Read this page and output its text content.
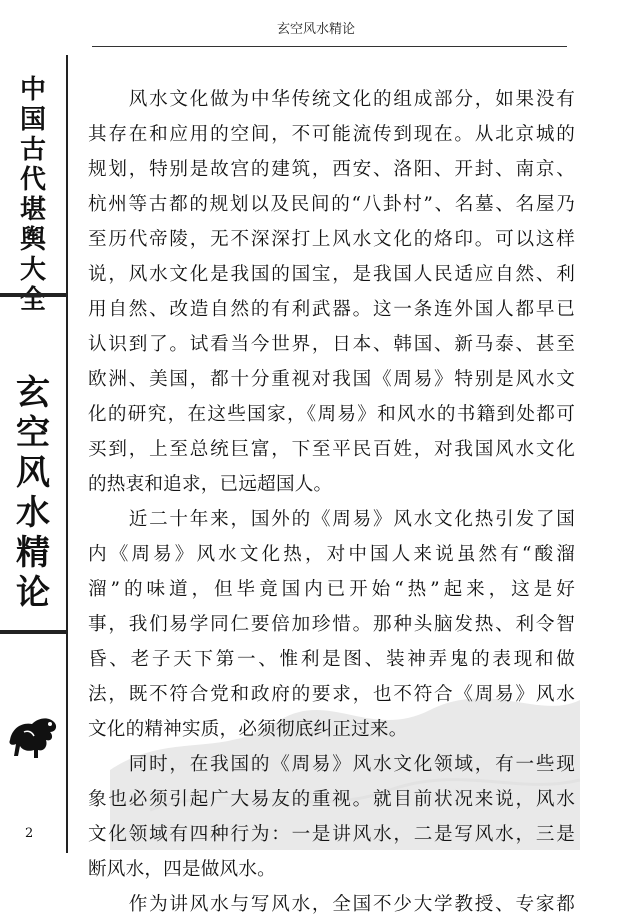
玄空风水精论
中
国
古
代
堪
舆
大
全
玄
空
风
水
精
论
2

　　风水文化做为中华传统文化的组成部分，如果没有

其存在和应用的空间，不可能流传到现在。从北京城的

规划，特别是故宫的建筑，西安、洛阳、开封、南京、

杭州等古都的规划以及民间的“八卦村”、名墓、名屋乃

至历代帝陵，无不深深打上风水文化的烙印。可以这样

说，风水文化是我国的国宝，是我国人民适应自然、利

用自然、改造自然的有利武器。这一条连外国人都早已

认识到了。试看当今世界，日本、韩国、新马泰、甚至

欧洲、美国，都十分重视对我国《周易》特别是风水文

化的研究，在这些国家，《周易》和风水的书籍到处都可

买到，上至总统巨富，下至平民百姓，对我国风水文化

的热衷和追求，已远超国人。

　　近二十年来，国外的《周易》风水文化热引发了国

内《周易》风水文化热，对中国人来说虽然有“酸溜

溜”的味道，但毕竟国内已开始“热”起来，这是好

事，我们易学同仁要倍加珍惜。那种头脑发热、利令智

昏、老子天下第一、惟利是图、装神弄鬼的表现和做

法，既不符合党和政府的要求，也不符合《周易》风水

文化的精神实质，必须彻底纠正过来。

　　同时，在我国的《周易》风水文化领域，有一些现

象也必须引起广大易友的重视。就目前状况来说，风水

文化领域有四种行为：一是讲风水，二是写风水，三是

断风水，四是做风水。

　　作为讲风水与写风水，全国不少大学教授、专家都
